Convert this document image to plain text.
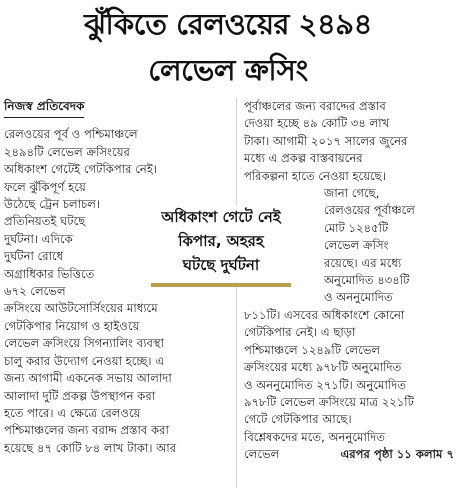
ঝুঁকিতে রেলওয়ের ২৪৯৪
লেভেল ক্রসিং
নিজস্ব প্রতিবেদক

রেলওয়ের পূর্ব ও পশ্চিমাঞ্চলে

২৪৯৪টি লেভেল ক্রসিংয়ের

অধিকাংশ গেটেই গেটকিপার নেই।

ফলে ঝুঁকিপূর্ণ হয়ে

উঠেছে ট্রেন চলাচল।

প্রতিনিয়তই ঘটছে

দুর্ঘটনা। এদিকে

দুর্ঘটনা রোধে

অগ্রাধিকার ভিত্তিতে

৬৭২ লেভেল

ক্রসিংয়ে আউটসোর্সিংয়ের মাধ্যমে

গেটকিপার নিয়োগ ও হাইওয়ে

লেভেল ক্রসিংয়ে সিগন্যালিং ব্যবস্থা

চালু করার উদ্যোগ নেওয়া হচ্ছে। এ

জন্য আগামী একনেক সভায় আলাদা

আলাদা দুটি প্রকল্প উপস্থাপন করা

হতে পারে। এ ক্ষেত্রে রেলওয়ে

পশ্চিমাঞ্চলের জন্য বরাদ্দ প্রস্তাব করা

হয়েছে ৪৭ কোটি ৮৪ লাখ টাকা। আর

পূর্বাঞ্চলের জন্য বরাদ্দের প্রস্তাব

দেওয়া হচ্ছে ৪৯ কোটি ৩৪ লাখ

টাকা। আগামী ২০১৭ সালের জুনের

মধ্যে এ প্রকল্প বাস্তবায়নের

পরিকল্পনা হাতে নেওয়া হয়েছে।

জানা গেছে,

রেলওয়ের পূর্বাঞ্চলে

মোট ১২৪৫টি

লেভেল ক্রসিং

রয়েছে। এর মধ্যে

অনুমোদিত ৪৩৪টি

ও অননুমোদিত

৮১১টি। এসবের অধিকাংশে কোনো

গেটকিপার নেই। এ ছাড়া

পশ্চিমাঞ্চলে ১২৪৯টি লেভেল

ক্রসিংয়ের মধ্যে ৯৭৮টি অনুমোদিত

ও অননুমোদিত ২৭১টি। অনুমোদিত

৯৭৮টি লেভেল ক্রসিংয়ে মাত্র ২২১টি

গেটে গেটকিপার আছে।

বিশ্লেষকদের মতে, অননুমোদিত

লেভেল	এরপর পৃষ্ঠা ১১ কলাম ৭

অধিকাংশ গেটে নেই

কিপার, অহরহ

ঘটছে দুর্ঘটনা
